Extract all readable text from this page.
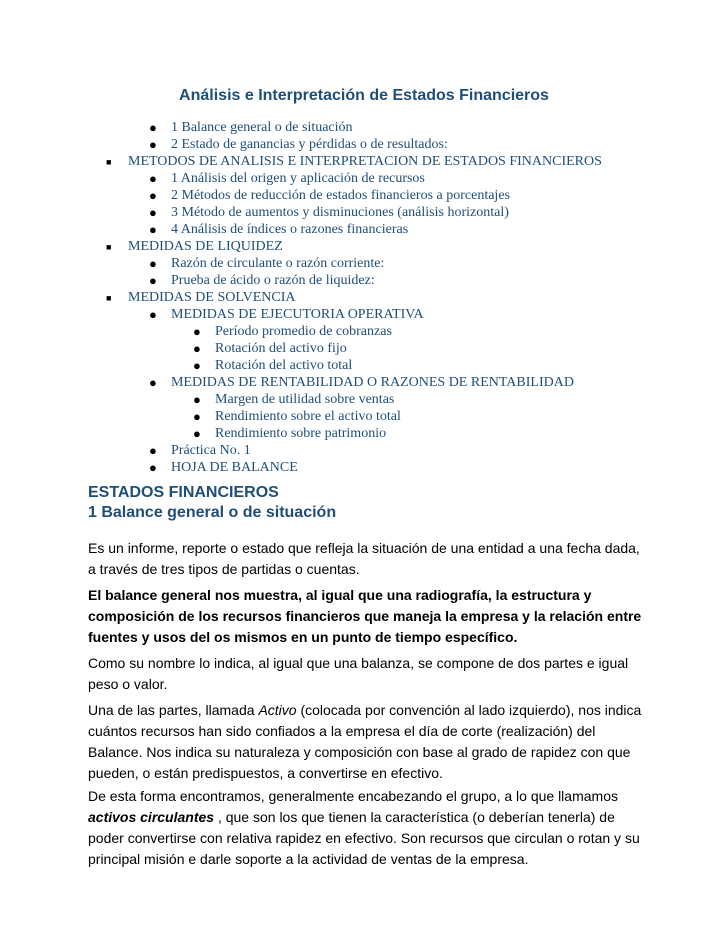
Análisis e Interpretación de Estados Financieros
● 1 Balance general o de situación
● 2 Estado de ganancias y pérdidas o de resultados:
■ METODOS DE ANALISIS E INTERPRETACION DE ESTADOS FINANCIEROS
● 1 Análisis del origen y aplicación de recursos
● 2 Métodos de reducción de estados financieros a porcentajes
● 3 Método de aumentos y disminuciones (análisis horizontal)
● 4 Análisis de índices o razones financieras
■ MEDIDAS DE LIQUIDEZ
● Razón de circulante o razón corriente:
● Prueba de ácido o razón de liquidez:
■ MEDIDAS DE SOLVENCIA
● MEDIDAS DE EJECUTORIA OPERATIVA
● Período promedio de cobranzas
● Rotación del activo fijo
● Rotación del activo total
● MEDIDAS DE RENTABILIDAD O RAZONES DE RENTABILIDAD
● Margen de utilidad sobre ventas
● Rendimiento sobre el activo total
● Rendimiento sobre patrimonio
● Práctica No. 1
● HOJA DE BALANCE
ESTADOS FINANCIEROS
1 Balance general o de situación
Es un informe, reporte o estado que refleja la situación de una entidad a una fecha dada, a través de tres tipos de partidas o cuentas.
El balance general nos muestra, al igual que una radiografía, la estructura y composición de los recursos financieros que maneja la empresa y la relación entre fuentes y usos del os mismos en un punto de tiempo específico.
Como su nombre lo indica, al igual que una balanza, se compone de dos partes e igual peso o valor.
Una de las partes, llamada Activo (colocada por convención al lado izquierdo), nos indica cuántos recursos han sido confiados a la empresa el día de corte (realización) del Balance. Nos indica su naturaleza y composición con base al grado de rapidez con que pueden, o están predispuestos, a convertirse en efectivo.
De esta forma encontramos, generalmente encabezando el grupo, a lo que llamamos activos circulantes , que son los que tienen la característica (o deberían tenerla) de poder convertirse con relativa rapidez en efectivo. Son recursos que circulan o rotan y su principal misión e darle soporte a la actividad de ventas de la empresa.
